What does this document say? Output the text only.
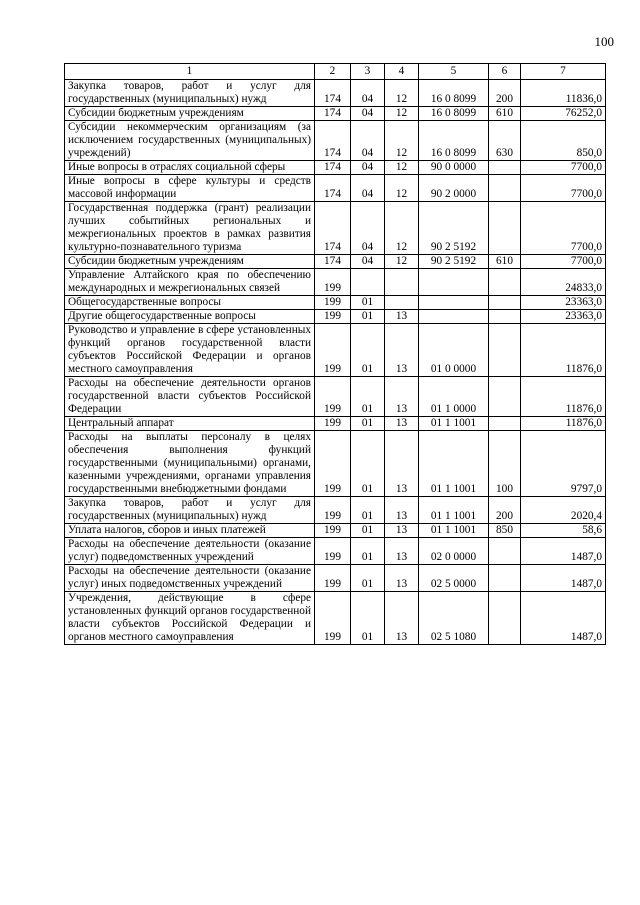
100
1	2	3	4	5	6	7
Закупка товаров, работ и услуг для государственных (муниципальных) нужд	174	04	12	16 0 8099	200	11836,0
Субсидии бюджетным учреждениям	174	04	12	16 0 8099	610	76252,0
Субсидии некоммерческим организациям (за исключением государственных (муниципальных) учреждений)	174	04	12	16 0 8099	630	850,0
Иные вопросы в отраслях социальной сферы	174	04	12	90 0 0000		7700,0
Иные вопросы в сфере культуры и средств массовой информации	174	04	12	90 2 0000		7700,0
Государственная поддержка (грант) реализации лучших событийных региональных и межрегиональных проектов в рамках развития культурно-познавательного туризма	174	04	12	90 2 5192		7700,0
Субсидии бюджетным учреждениям	174	04	12	90 2 5192	610	7700,0
Управление Алтайского края по обеспечению международных и межрегиональных связей	199					24833,0
Общегосударственные вопросы	199	01				23363,0
Другие общегосударственные вопросы	199	01	13			23363,0
Руководство и управление в сфере установленных функций органов государственной власти субъектов Российской Федерации и органов местного самоуправления	199	01	13	01 0 0000		11876,0
Расходы на обеспечение деятельности органов государственной власти субъектов Российской Федерации	199	01	13	01 1 0000		11876,0
Центральный аппарат	199	01	13	01 1 1001		11876,0
Расходы на выплаты персоналу в целях обеспечения выполнения функций государственными (муниципальными) органами, казенными учреждениями, органами управления государственными внебюджетными фондами	199	01	13	01 1 1001	100	9797,0
Закупка товаров, работ и услуг для государственных (муниципальных) нужд	199	01	13	01 1 1001	200	2020,4
Уплата налогов, сборов и иных платежей	199	01	13	01 1 1001	850	58,6
Расходы на обеспечение деятельности (оказание услуг) подведомственных учреждений	199	01	13	02 0 0000		1487,0
Расходы на обеспечение деятельности (оказание услуг) иных подведомственных учреждений	199	01	13	02 5 0000		1487,0
Учреждения, действующие в сфере установленных функций органов государственной власти субъектов Российской Федерации и органов местного самоуправления	199	01	13	02 5 1080		1487,0
